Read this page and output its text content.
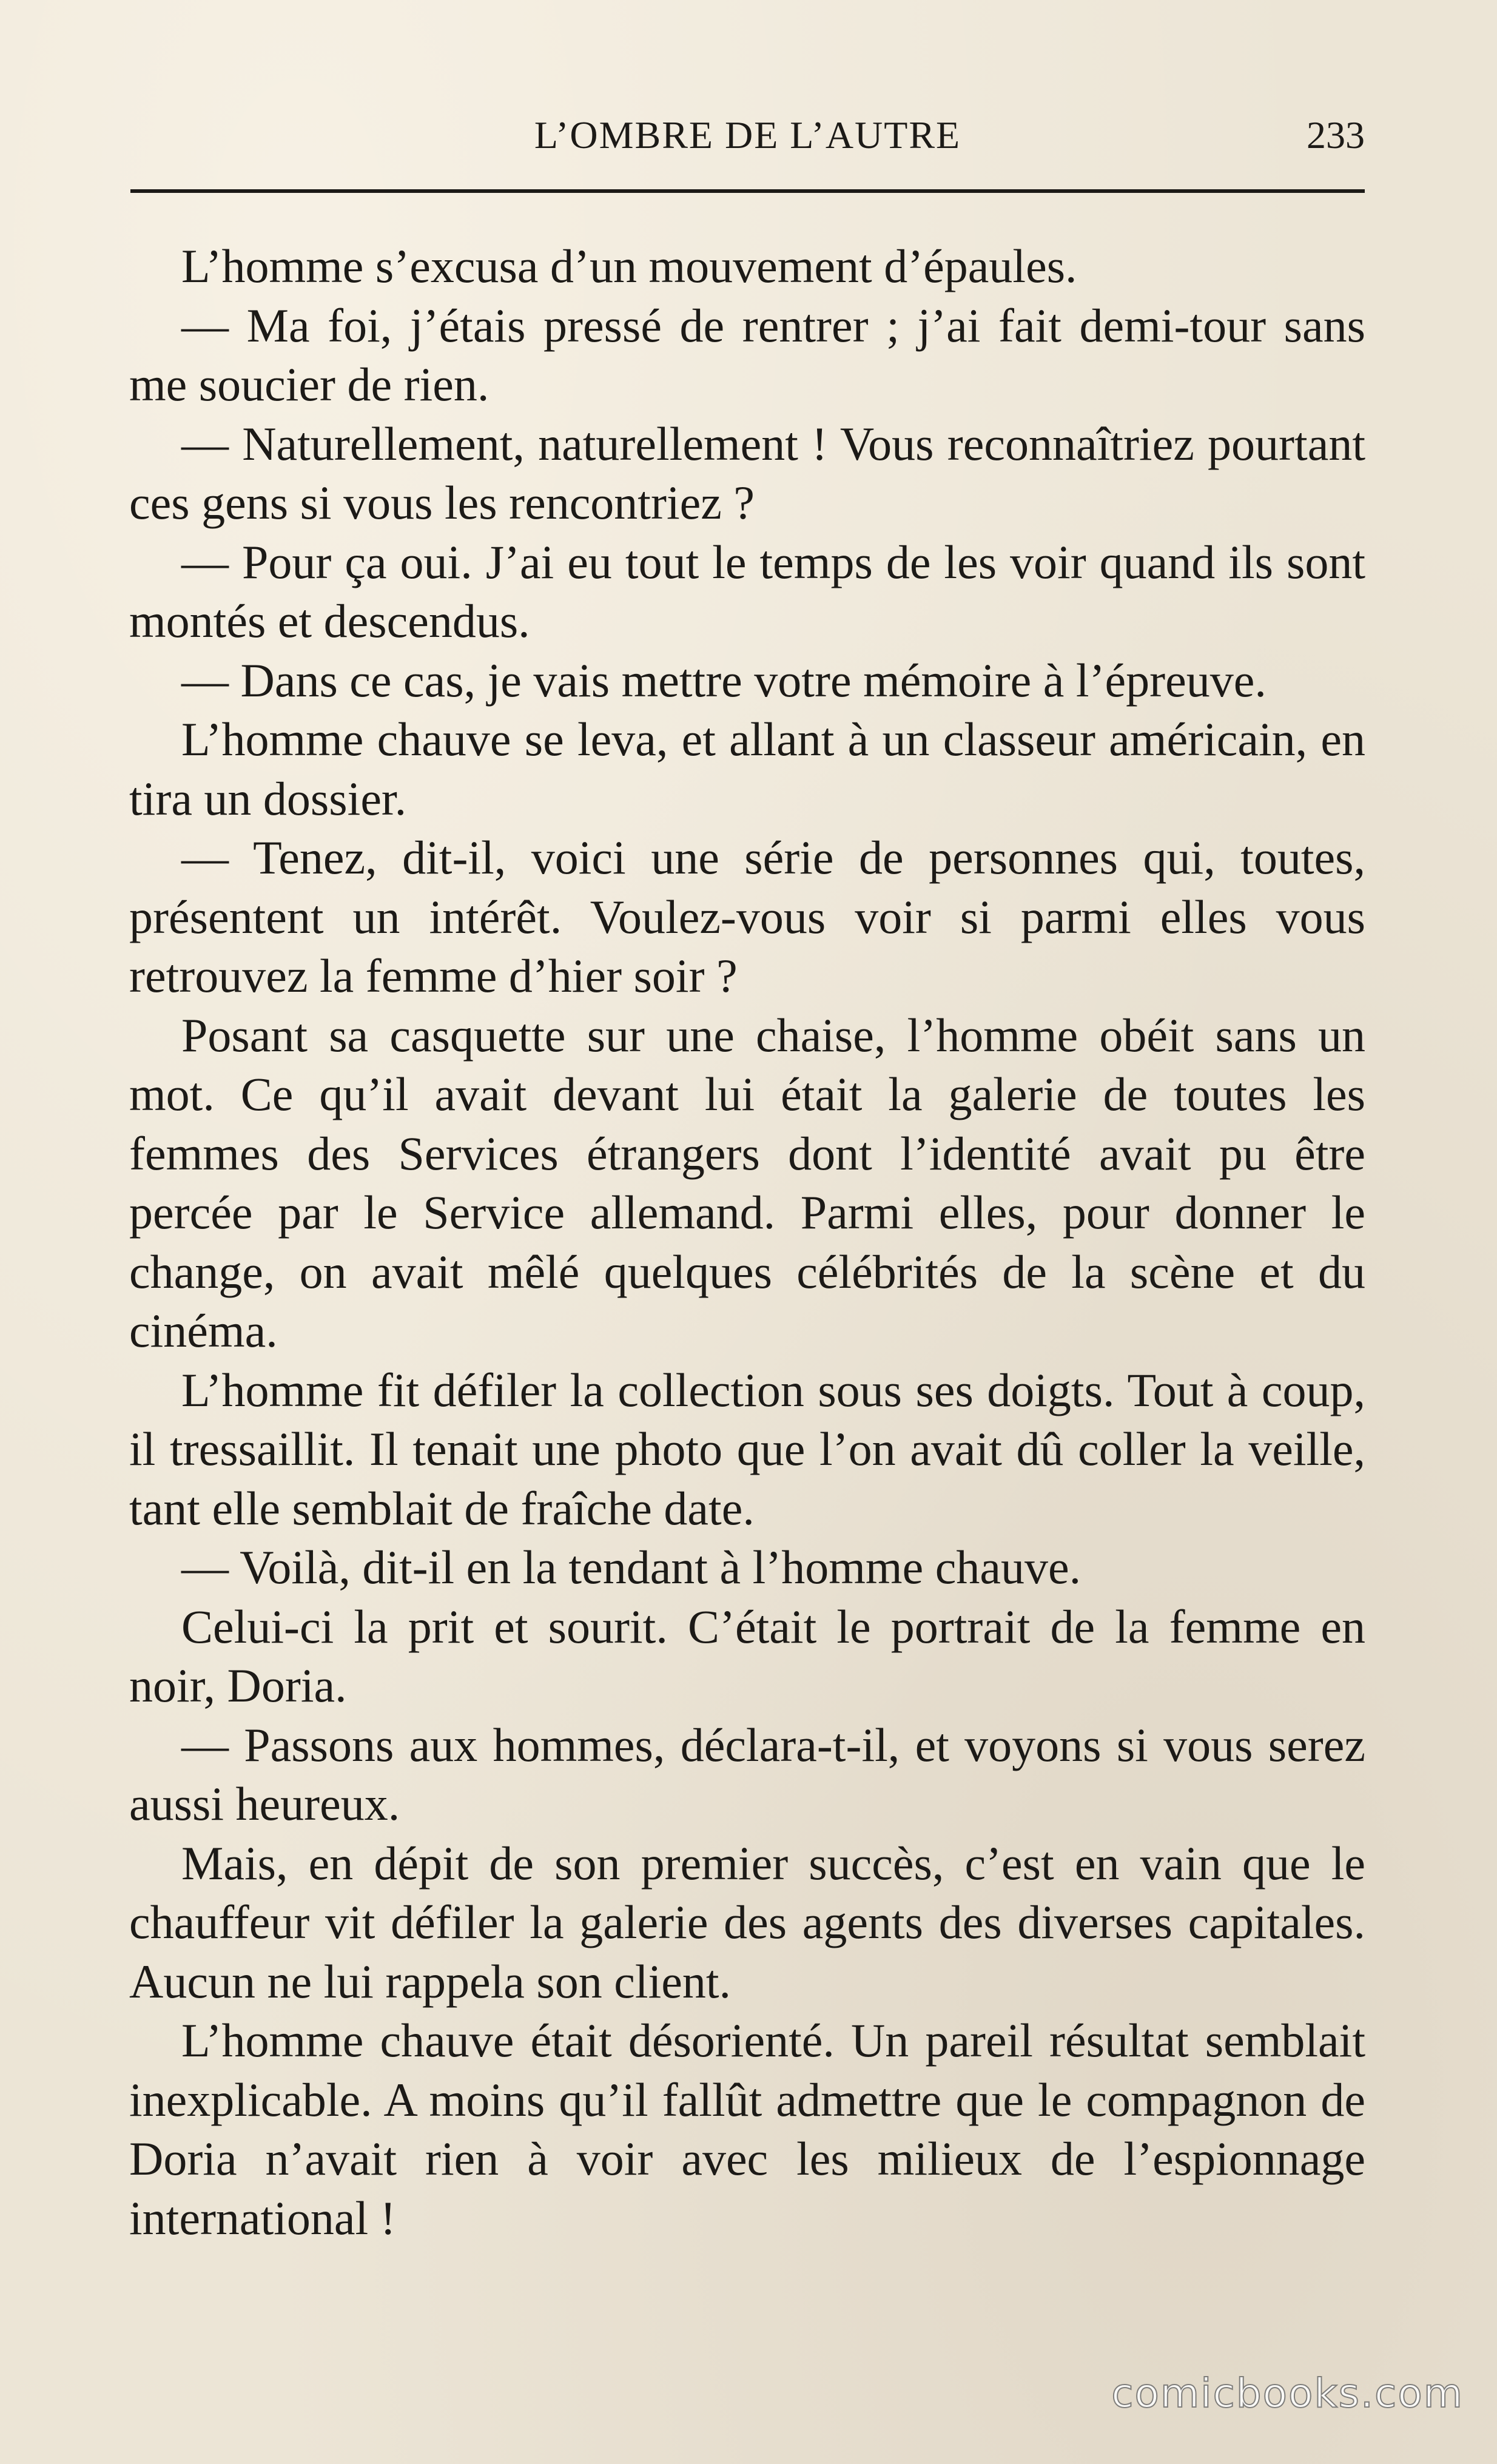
L’OMBRE DE L’AUTRE	233

L’homme s’excusa d’un mouvement d’épaules.

— Ma foi, j’étais pressé de rentrer ; j’ai fait demi-tour sans me soucier de rien.

— Naturellement, naturellement ! Vous reconnaîtriez pourtant ces gens si vous les rencontriez ?

— Pour ça oui. J’ai eu tout le temps de les voir quand ils sont montés et descendus.

— Dans ce cas, je vais mettre votre mémoire à l’épreuve.

L’homme chauve se leva, et allant à un classeur américain, en tira un dossier.

— Tenez, dit-il, voici une série de personnes qui, toutes, présentent un intérêt. Voulez-vous voir si parmi elles vous retrouvez la femme d’hier soir ?

Posant sa casquette sur une chaise, l’homme obéit sans un mot. Ce qu’il avait devant lui était la galerie de toutes les femmes des Services étrangers dont l’identité avait pu être percée par le Service allemand. Parmi elles, pour donner le change, on avait mêlé quelques célébrités de la scène et du cinéma.

L’homme fit défiler la collection sous ses doigts. Tout à coup, il tressaillit. Il tenait une photo que l’on avait dû coller la veille, tant elle semblait de fraîche date.

— Voilà, dit-il en la tendant à l’homme chauve.

Celui-ci la prit et sourit. C’était le portrait de la femme en noir, Doria.

— Passons aux hommes, déclara-t-il, et voyons si vous serez aussi heureux.

Mais, en dépit de son premier succès, c’est en vain que le chauffeur vit défiler la galerie des agents des diverses capitales. Aucun ne lui rappela son client.

L’homme chauve était désorienté. Un pareil résultat semblait inexplicable. A moins qu’il fallût admettre que le compagnon de Doria n’avait rien à voir avec les milieux de l’espionnage international !

comicbooks.com
